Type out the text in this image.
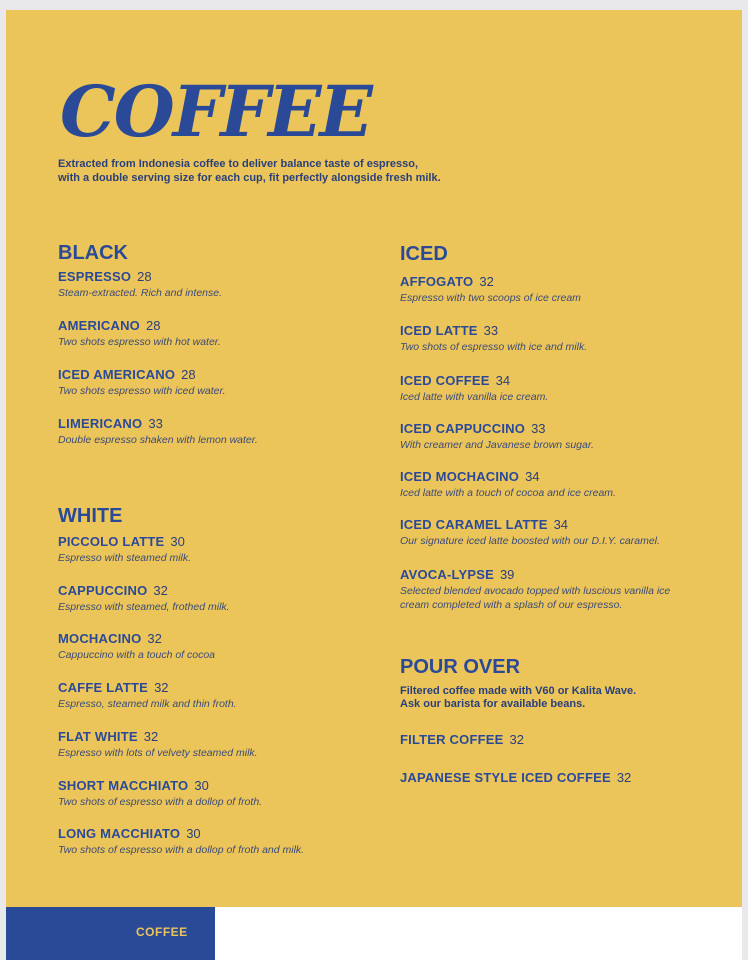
COFFEE
Extracted from Indonesia coffee to deliver balance taste of espresso,
with a double serving size for each cup, fit perfectly alongside fresh milk.
BLACK
ESPRESSO 28
Steam-extracted. Rich and intense.
AMERICANO 28
Two shots espresso with hot water.
ICED AMERICANO 28
Two shots espresso with iced water.
LIMERICANO 33
Double espresso shaken with lemon water.
WHITE
PICCOLO LATTE 30
Espresso with steamed milk.
CAPPUCCINO 32
Espresso with steamed, frothed milk.
MOCHACINO 32
Cappuccino with a touch of cocoa
CAFFE LATTE 32
Espresso, steamed milk and thin froth.
FLAT WHITE 32
Espresso with lots of velvety steamed milk.
SHORT MACCHIATO 30
Two shots of espresso with a dollop of froth.
LONG MACCHIATO 30
Two shots of espresso with a dollop of froth and milk.
ICED
AFFOGATO 32
Espresso with two scoops of ice cream
ICED LATTE 33
Two shots of espresso with ice and milk.
ICED COFFEE 34
Iced latte with vanilla ice cream.
ICED CAPPUCCINO 33
With creamer and Javanese brown sugar.
ICED MOCHACINO 34
Iced latte with a touch of cocoa and ice cream.
ICED CARAMEL LATTE 34
Our signature iced latte boosted with our D.I.Y. caramel.
AVOCA-LYPSE 39
Selected blended avocado topped with luscious vanilla ice cream completed with a splash of our espresso.
POUR OVER
Filtered coffee made with V60 or Kalita Wave.
Ask our barista for available beans.
FILTER COFFEE 32
JAPANESE STYLE ICED COFFEE 32
COFFEE
